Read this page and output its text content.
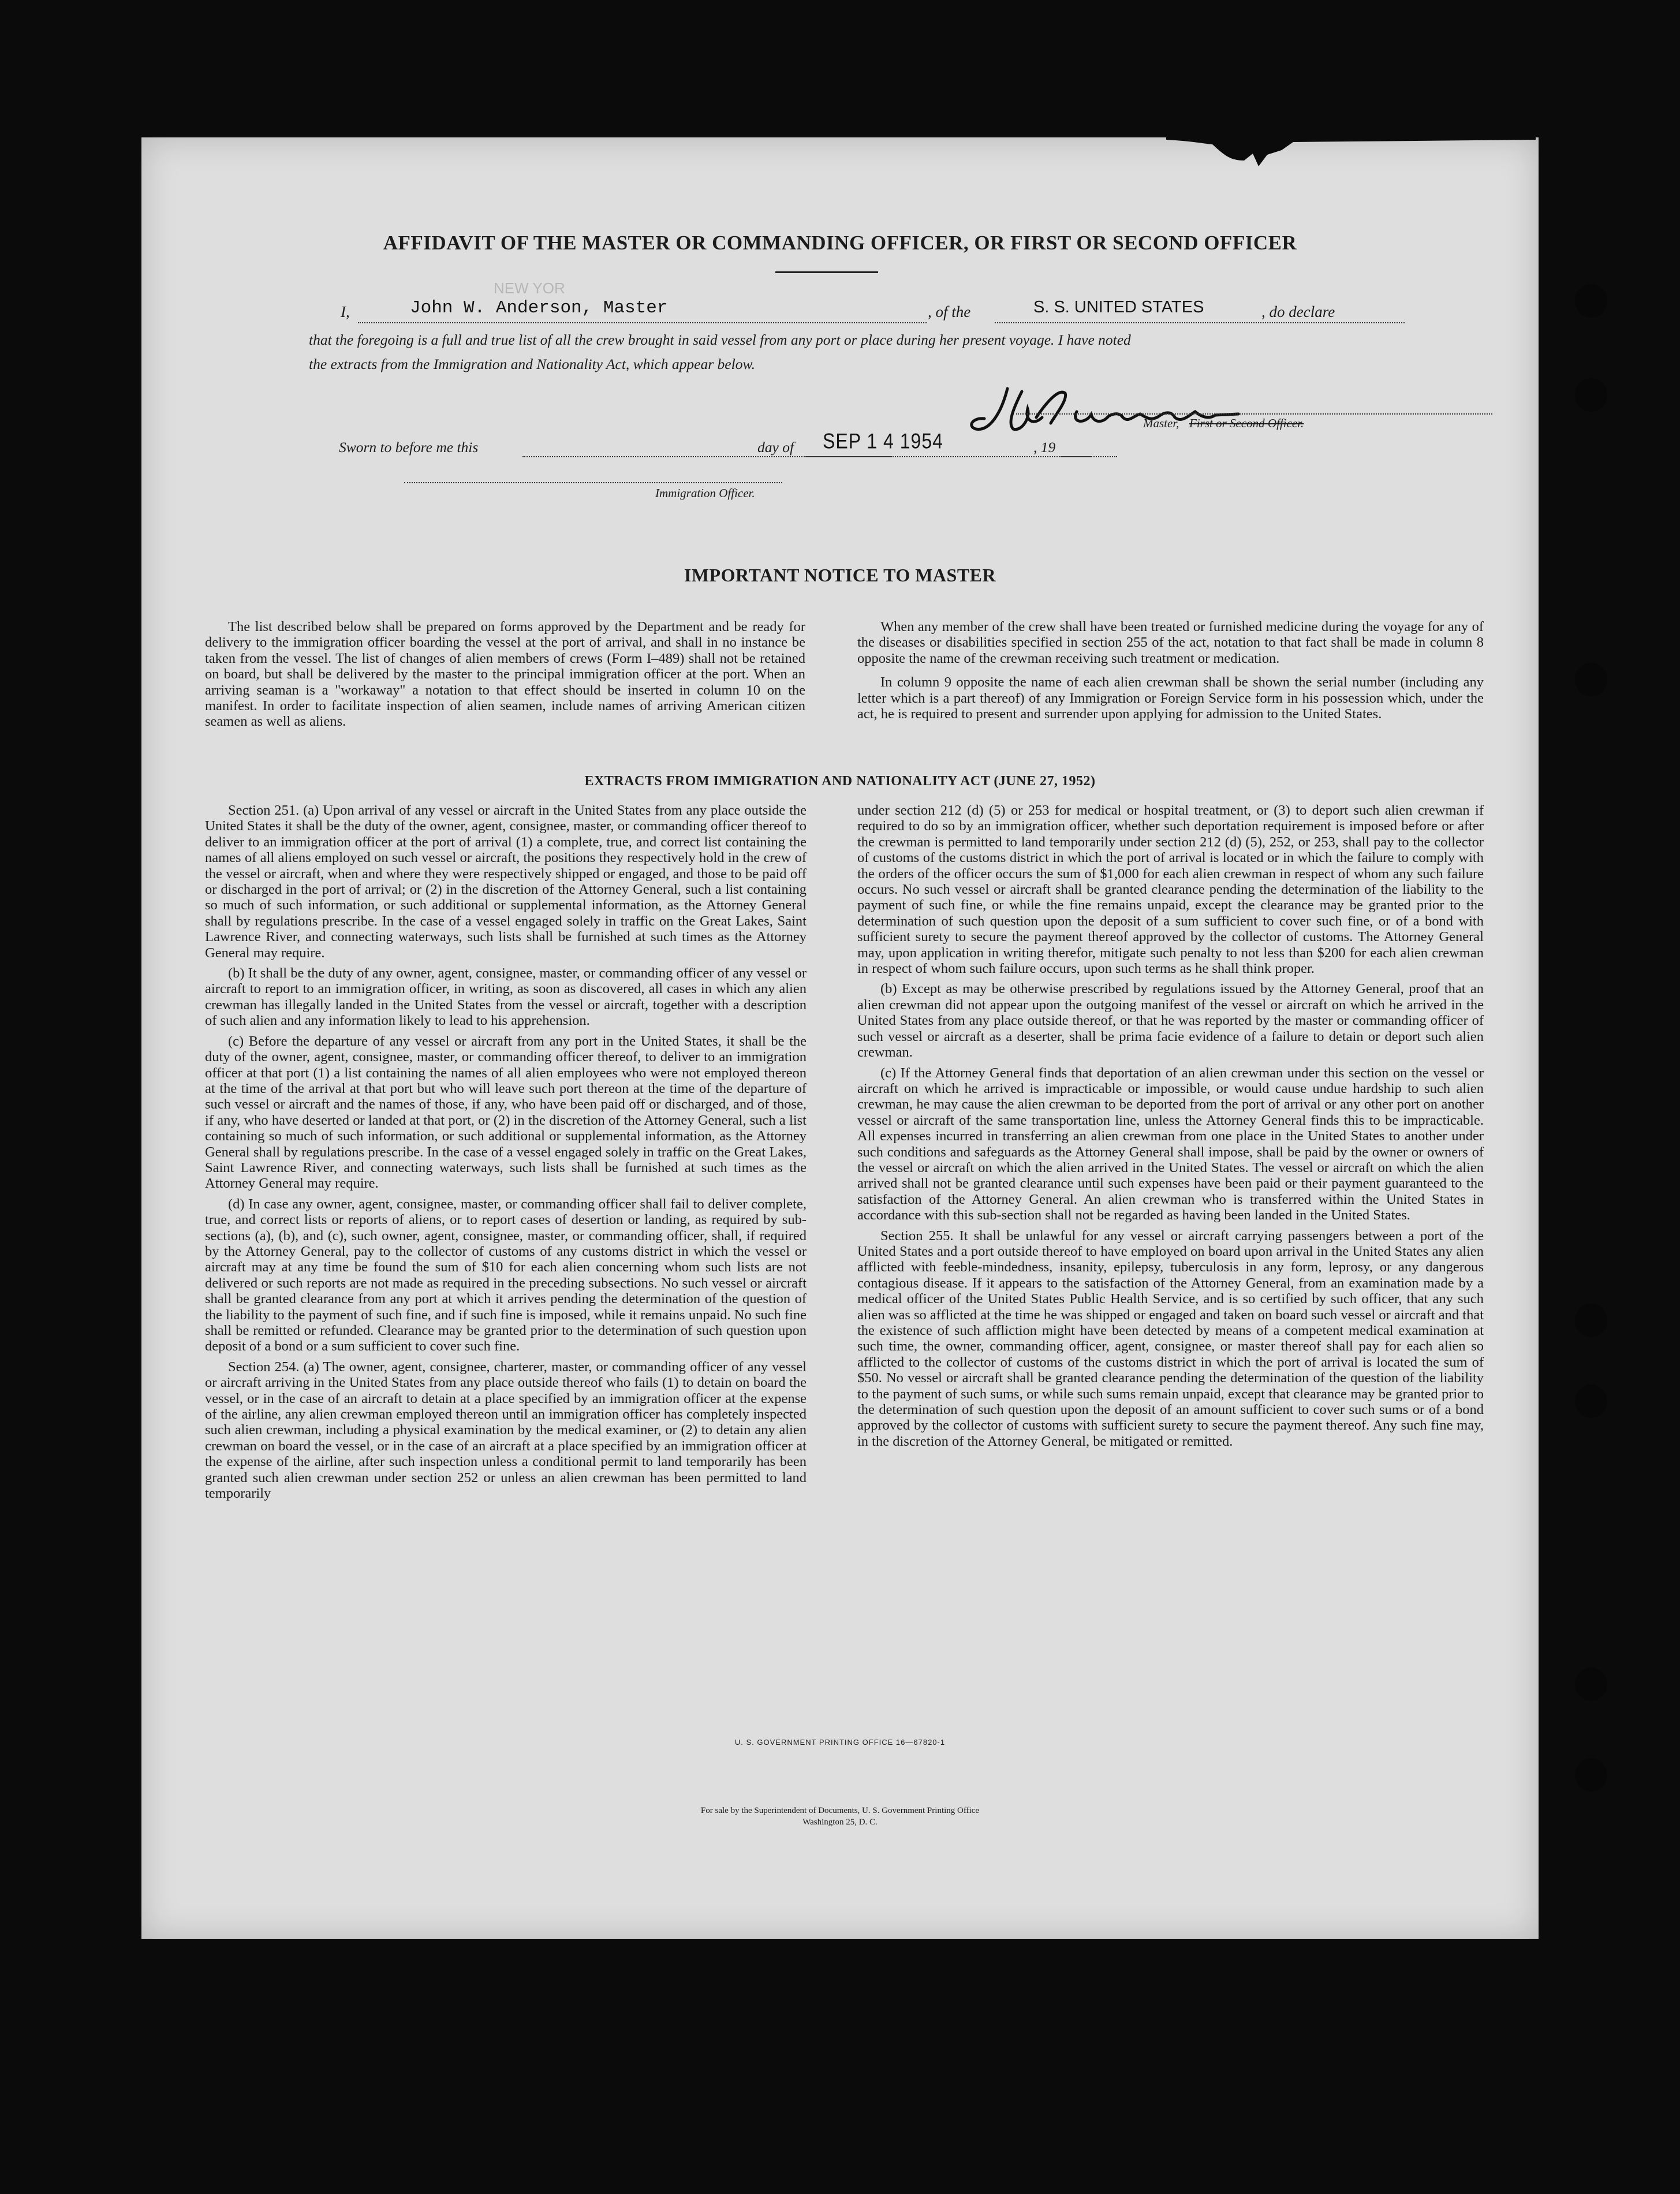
NEW YOR
AFFIDAVIT OF THE MASTER OR COMMANDING OFFICER, OR FIRST OR SECOND OFFICER
I,	John W. Anderson, Master	, of the	S. S. UNITED STATES	, do declare
that the foregoing is a full and true list of all the crew brought in said vessel from any port or place during her present voyage. I have noted
the extracts from the Immigration and Nationality Act, which appear below.
Master, First or Second Officer.
Sworn to before me this	day of SEP 1 4 1954	, 19
Immigration Officer.
IMPORTANT NOTICE TO MASTER

The list described below shall be prepared on forms approved by the Department and be ready for delivery to the immigration officer boarding the vessel at the port of arrival, and shall in no instance be taken from the vessel. The list of changes of alien members of crews (Form I–489) shall not be retained on board, but shall be delivered by the master to the principal immigration officer at the port. When an arriving seaman is a "workaway" a notation to that effect should be inserted in column 10 on the manifest. In order to facilitate inspection of alien seamen, include names of arriving American citizen seamen as well as aliens.

When any member of the crew shall have been treated or furnished medicine during the voyage for any of the diseases or disabilities specified in section 255 of the act, notation to that fact shall be made in column 8 opposite the name of the crewman receiving such treatment or medication.

In column 9 opposite the name of each alien crewman shall be shown the serial number (including any letter which is a part thereof) of any Immigration or Foreign Service form in his possession which, under the act, he is required to present and surrender upon applying for admission to the United States.

EXTRACTS FROM IMMIGRATION AND NATIONALITY ACT (JUNE 27, 1952)

Section 251. (a) Upon arrival of any vessel or aircraft in the United States from any place outside the United States it shall be the duty of the owner, agent, consignee, master, or commanding officer thereof to deliver to an immigration officer at the port of arrival (1) a complete, true, and correct list containing the names of all aliens employed on such vessel or aircraft, the positions they respectively hold in the crew of the vessel or aircraft, when and where they were respectively shipped or engaged, and those to be paid off or discharged in the port of arrival; or (2) in the discretion of the Attorney General, such a list containing so much of such information, or such additional or supplemental information, as the Attorney General shall by regulations prescribe. In the case of a vessel engaged solely in traffic on the Great Lakes, Saint Lawrence River, and connecting waterways, such lists shall be furnished at such times as the Attorney General may require.

(b) It shall be the duty of any owner, agent, consignee, master, or commanding officer of any vessel or aircraft to report to an immigration officer, in writing, as soon as discovered, all cases in which any alien crewman has illegally landed in the United States from the vessel or aircraft, together with a description of such alien and any information likely to lead to his apprehension.

(c) Before the departure of any vessel or aircraft from any port in the United States, it shall be the duty of the owner, agent, consignee, master, or commanding officer thereof, to deliver to an immigration officer at that port (1) a list containing the names of all alien employees who were not employed thereon at the time of the arrival at that port but who will leave such port thereon at the time of the departure of such vessel or aircraft and the names of those, if any, who have been paid off or discharged, and of those, if any, who have deserted or landed at that port, or (2) in the discretion of the Attorney General, such a list containing so much of such information, or such additional or supplemental information, as the Attorney General shall by regulations prescribe. In the case of a vessel engaged solely in traffic on the Great Lakes, Saint Lawrence River, and connecting waterways, such lists shall be furnished at such times as the Attorney General may require.

(d) In case any owner, agent, consignee, master, or commanding officer shall fail to deliver complete, true, and correct lists or reports of aliens, or to report cases of desertion or landing, as required by sub-sections (a), (b), and (c), such owner, agent, consignee, master, or commanding officer, shall, if required by the Attorney General, pay to the collector of customs of any customs district in which the vessel or aircraft may at any time be found the sum of $10 for each alien concerning whom such lists are not delivered or such reports are not made as required in the preceding subsections. No such vessel or aircraft shall be granted clearance from any port at which it arrives pending the determination of the question of the liability to the payment of such fine, and if such fine is imposed, while it remains unpaid. No such fine shall be remitted or refunded. Clearance may be granted prior to the determination of such question upon deposit of a bond or a sum sufficient to cover such fine.

Section 254. (a) The owner, agent, consignee, charterer, master, or commanding officer of any vessel or aircraft arriving in the United States from any place outside thereof who fails (1) to detain on board the vessel, or in the case of an aircraft to detain at a place specified by an immigration officer at the expense of the airline, any alien crewman employed thereon until an immigration officer has completely inspected such alien crewman, including a physical examination by the medical examiner, or (2) to detain any alien crewman on board the vessel, or in the case of an aircraft at a place specified by an immigration officer at the expense of the airline, after such inspection unless a conditional permit to land temporarily has been granted such alien crewman under section 252 or unless an alien crewman has been permitted to land temporarily

under section 212 (d) (5) or 253 for medical or hospital treatment, or (3) to deport such alien crewman if required to do so by an immigration officer, whether such deportation requirement is imposed before or after the crewman is permitted to land temporarily under section 212 (d) (5), 252, or 253, shall pay to the collector of customs of the customs district in which the port of arrival is located or in which the failure to comply with the orders of the officer occurs the sum of $1,000 for each alien crewman in respect of whom any such failure occurs. No such vessel or aircraft shall be granted clearance pending the determination of the liability to the payment of such fine, or while the fine remains unpaid, except the clearance may be granted prior to the determination of such question upon the deposit of a sum sufficient to cover such fine, or of a bond with sufficient surety to secure the payment thereof approved by the collector of customs. The Attorney General may, upon application in writing therefor, mitigate such penalty to not less than $200 for each alien crewman in respect of whom such failure occurs, upon such terms as he shall think proper.

(b) Except as may be otherwise prescribed by regulations issued by the Attorney General, proof that an alien crewman did not appear upon the outgoing manifest of the vessel or aircraft on which he arrived in the United States from any place outside thereof, or that he was reported by the master or commanding officer of such vessel or aircraft as a deserter, shall be prima facie evidence of a failure to detain or deport such alien crewman.

(c) If the Attorney General finds that deportation of an alien crewman under this section on the vessel or aircraft on which he arrived is impracticable or impossible, or would cause undue hardship to such alien crewman, he may cause the alien crewman to be deported from the port of arrival or any other port on another vessel or aircraft of the same transportation line, unless the Attorney General finds this to be impracticable. All expenses incurred in transferring an alien crewman from one place in the United States to another under such conditions and safeguards as the Attorney General shall impose, shall be paid by the owner or owners of the vessel or aircraft on which the alien arrived in the United States. The vessel or aircraft on which the alien arrived shall not be granted clearance until such expenses have been paid or their payment guaranteed to the satisfaction of the Attorney General. An alien crewman who is transferred within the United States in accordance with this sub-section shall not be regarded as having been landed in the United States.

Section 255. It shall be unlawful for any vessel or aircraft carrying passengers between a port of the United States and a port outside thereof to have employed on board upon arrival in the United States any alien afflicted with feeble-mindedness, insanity, epilepsy, tuberculosis in any form, leprosy, or any dangerous contagious disease. If it appears to the satisfaction of the Attorney General, from an examination made by a medical officer of the United States Public Health Service, and is so certified by such officer, that any such alien was so afflicted at the time he was shipped or engaged and taken on board such vessel or aircraft and that the existence of such affliction might have been detected by means of a competent medical examination at such time, the owner, commanding officer, agent, consignee, or master thereof shall pay for each alien so afflicted to the collector of customs of the customs district in which the port of arrival is located the sum of $50. No vessel or aircraft shall be granted clearance pending the determination of the question of the liability to the payment of such sums, or while such sums remain unpaid, except that clearance may be granted prior to the determination of such question upon the deposit of an amount sufficient to cover such sums or of a bond approved by the collector of customs with sufficient surety to secure the payment thereof. Any such fine may, in the discretion of the Attorney General, be mitigated or remitted.

U. S. GOVERNMENT PRINTING OFFICE 16—67820-1
For sale by the Superintendent of Documents, U. S. Government Printing Office
Washington 25, D. C.
